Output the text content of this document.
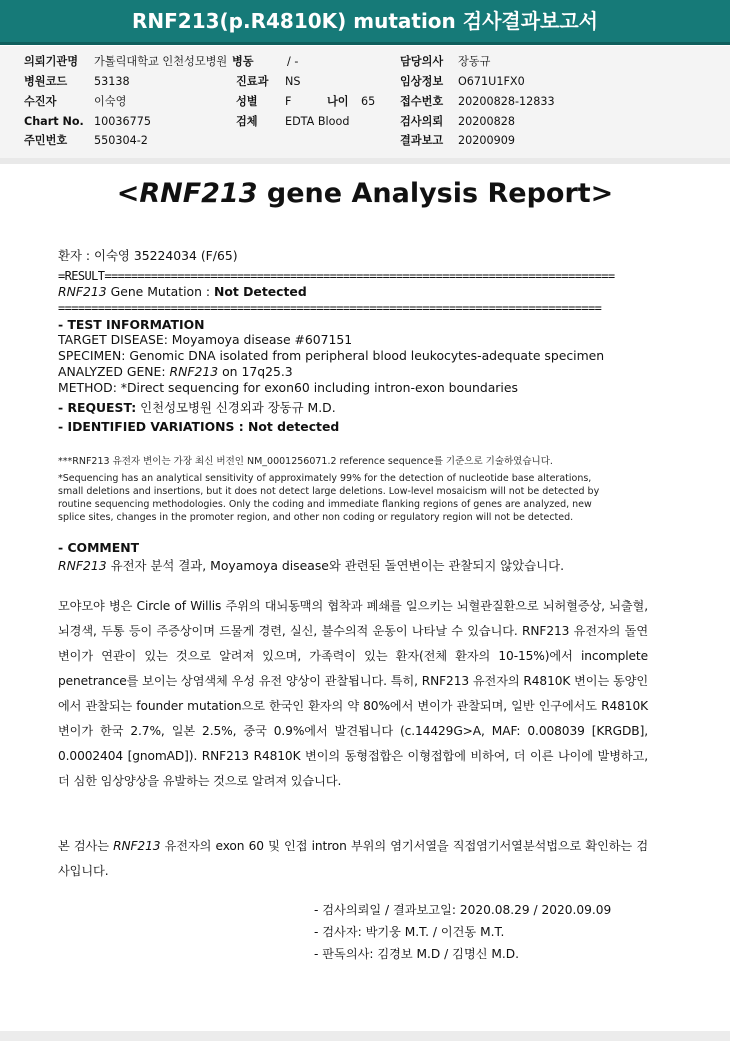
RNF213(p.R4810K) mutation 검사결과보고서
의뢰기관명 가톨릭대학교 인천성모병원 병동	/ -	담당의사 장동규
병원코드 53138	진료과 NS	임상정보 O671U1FX0
수진자	이숙영	성별 F	나이 65 접수번호 20200828-12833
Chart No. 10036775	검체 EDTA Blood	검사의뢰 20200828
주민번호 550304-2	결과보고 20200909
<RNF213 gene Analysis Report>
환자 : 이숙영 35224034 (F/65)
=RESULT=============================================================================
RNF213 Gene Mutation : Not Detected
==================================================================================
- TEST INFORMATION
TARGET DISEASE: Moyamoya disease #607151
SPECIMEN: Genomic DNA isolated from peripheral blood leukocytes-adequate specimen
ANALYZED GENE: RNF213 on 17q25.3
METHOD: *Direct sequencing for exon60 including intron-exon boundaries
- REQUEST: 인천성모병원 신경외과 장동규 M.D.
- IDENTIFIED VARIATIONS : Not detected
***RNF213 유전자 변이는 가장 최신 버전인 NM_0001256071.2 reference sequence를 기준으로 기술하였습니다.
*Sequencing has an analytical sensitivity of approximately 99% for the detection of nucleotide base alterations,
small deletions and insertions, but it does not detect large deletions. Low-level mosaicism will not be detected by
routine sequencing methodologies. Only the coding and immediate flanking regions of genes are analyzed, new
splice sites, changes in the promoter region, and other non coding or regulatory region will not be detected.
- COMMENT
RNF213 유전자 분석 결과, Moyamoya disease와 관련된 돌연변이는 관찰되지 않았습니다.
모야모야 병은 Circle of Willis 주위의 대뇌동맥의 협착과 폐쇄를 일으키는 뇌혈관질환으로 뇌허혈증상, 뇌출혈, 뇌경색, 두통 등이 주증상이며 드물게 경련, 실신, 불수의적 운동이 나타날 수 있습니다. RNF213 유전자의 돌연변이가 연관이 있는 것으로 알려져 있으며, 가족력이 있는 환자(전체 환자의 10-15%)에서 incomplete penetrance를 보이는 상염색체 우성 유전 양상이 관찰됩니다. 특히, RNF213 유전자의 R4810K 변이는 동양인에서 관찰되는 founder mutation으로 한국인 환자의 약 80%에서 변이가 관찰되며, 일반 인구에서도 R4810K 변이가 한국 2.7%, 일본 2.5%, 중국 0.9%에서 발견됩니다 (c.14429G>A, MAF: 0.008039 [KRGDB], 0.0002404 [gnomAD]). RNF213 R4810K 변이의 동형접합은 이형접합에 비하여, 더 이른 나이에 발병하고, 더 심한 임상양상을 유발하는 것으로 알려져 있습니다.
본 검사는 RNF213 유전자의 exon 60 및 인접 intron 부위의 염기서열을 직접염기서열분석법으로 확인하는 검사입니다.
- 검사의뢰일 / 결과보고일: 2020.08.29 / 2020.09.09
- 검사자: 박기웅 M.T. / 이건동 M.T.
- 판독의사: 김경보 M.D / 김명신 M.D.
